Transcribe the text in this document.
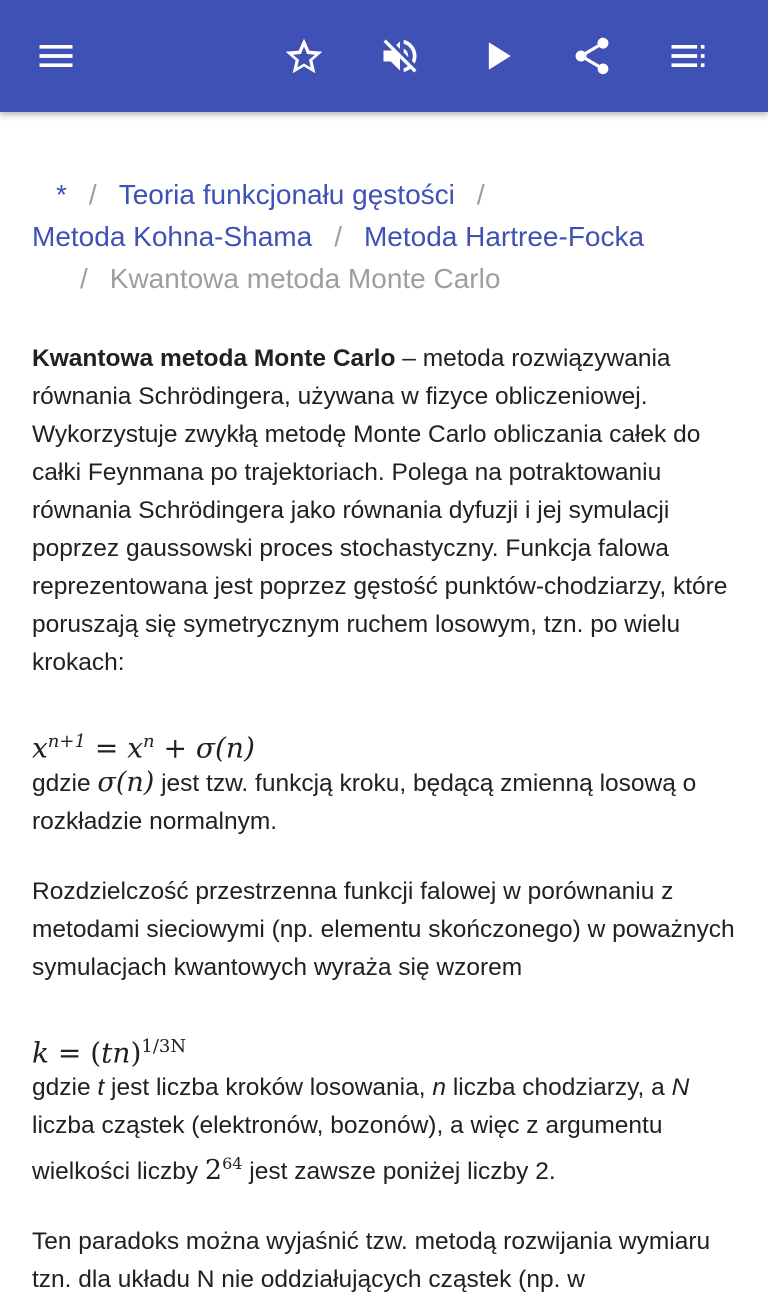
* / Teoria funkcjonału gęstości /
Metoda Kohna-Shama / Metoda Hartree-Focka
/ Kwantowa metoda Monte Carlo

Kwantowa metoda Monte Carlo – metoda rozwiązywania równania Schrödingera, używana w fizyce obliczeniowej. Wykorzystuje zwykłą metodę Monte Carlo obliczania całek do całki Feynmana po trajektoriach. Polega na potraktowaniu równania Schrödingera jako równania dyfuzji i jej symulacji poprzez gaussowski proces stochastyczny. Funkcja falowa reprezentowana jest poprzez gęstość punktów-chodziarzy, które poruszają się symetrycznym ruchem losowym, tzn. po wielu krokach:

$x^{n+1} = x^n + \sigma(n)$

gdzie σ(n) jest tzw. funkcją kroku, będącą zmienną losową o rozkładzie normalnym.

Rozdzielczość przestrzenna funkcji falowej w porównaniu z metodami sieciowymi (np. elementu skończonego) w poważnych symulacjach kwantowych wyraża się wzorem

k = (tn)$^{1/3N}$

gdzie t jest liczba kroków losowania, n liczba chodziarzy, a N liczba cząstek (elektronów, bozonów), a więc z argumentu wielkości liczby $2^{64}$ jest zawsze poniżej liczby 2.

Ten paradoks można wyjaśnić tzw. metodą rozwijania wymiaru tzn. dla układu N nie oddziałujących cząstek (np. w
